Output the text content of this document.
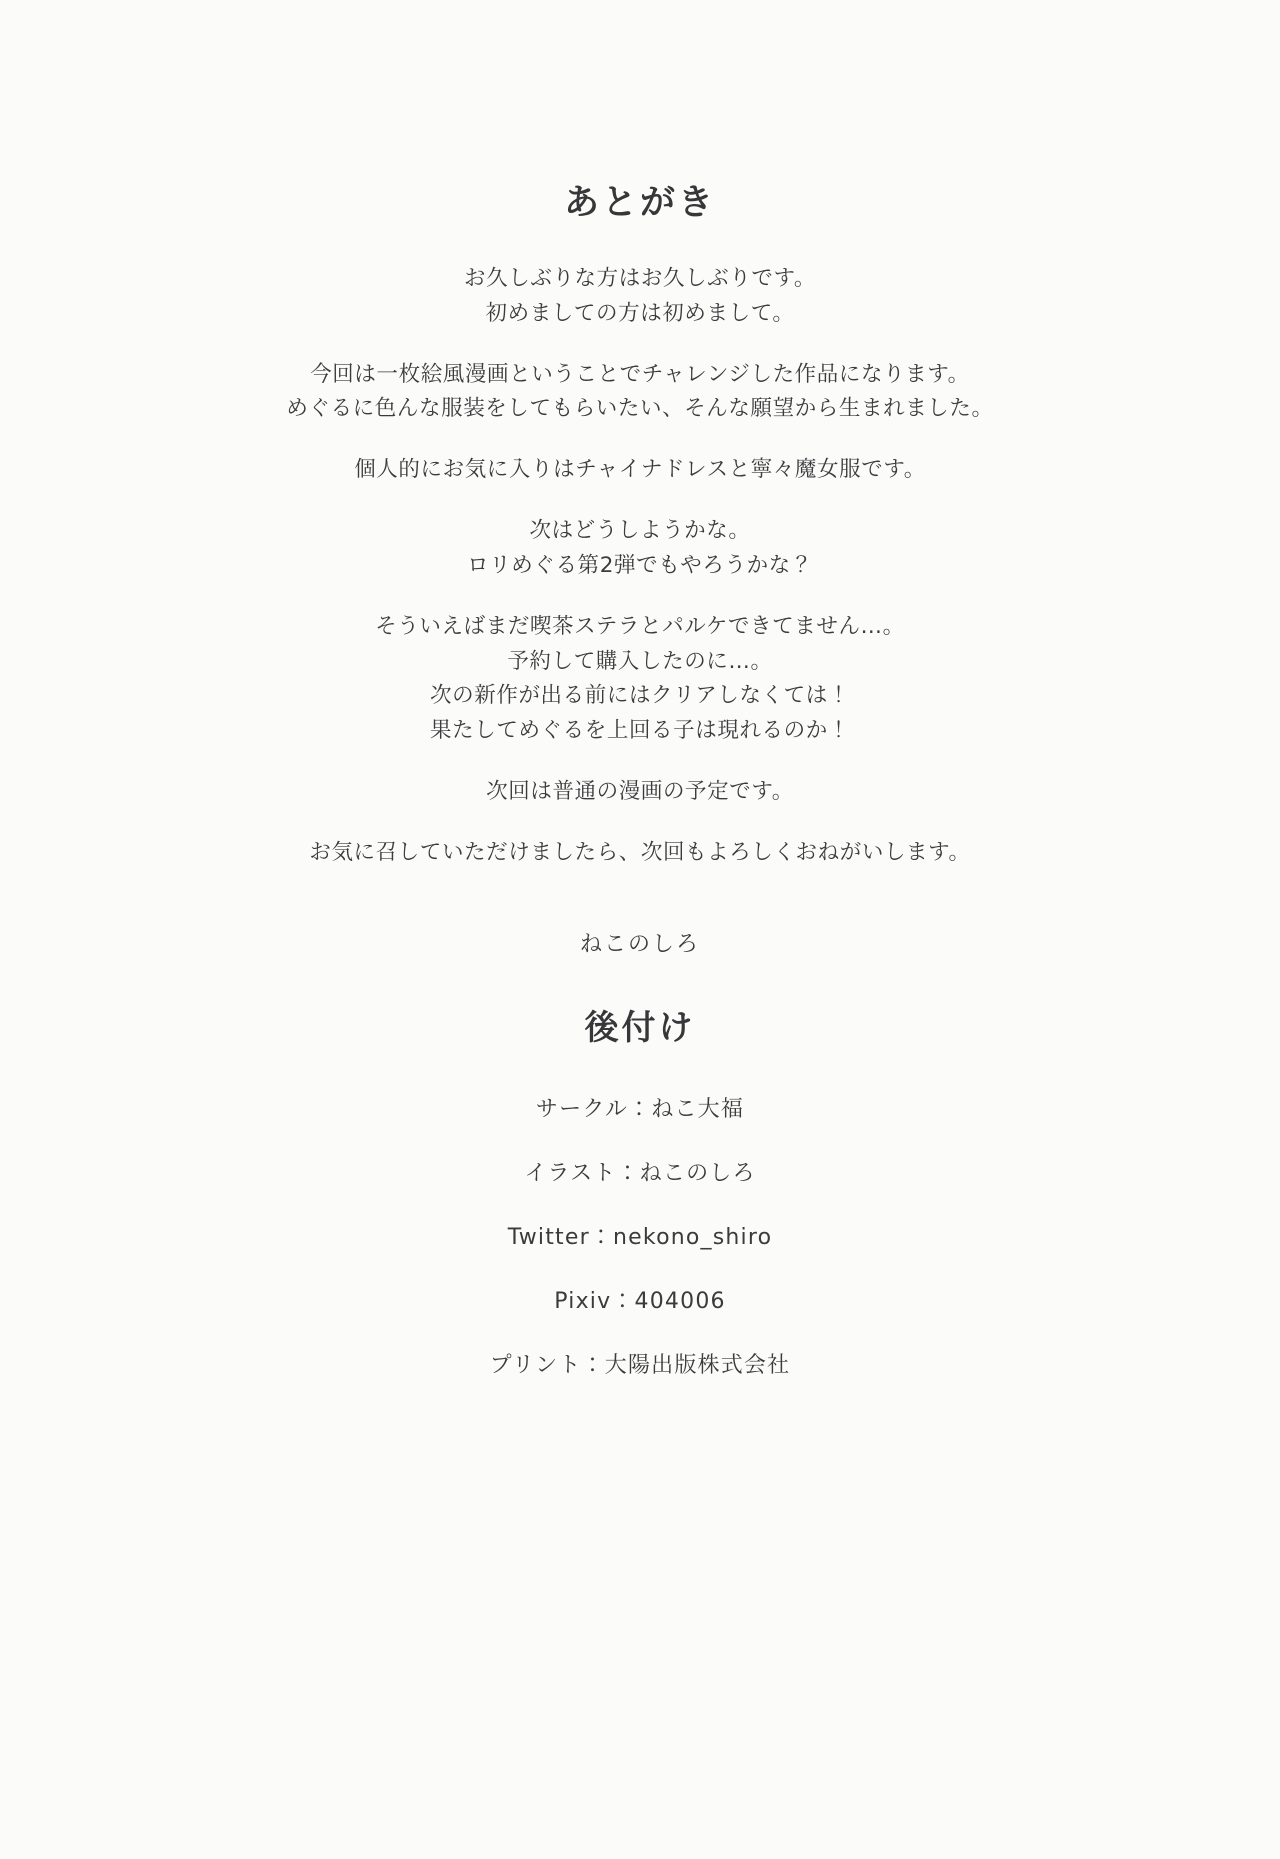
あとがき

お久しぶりな方はお久しぶりです。
初めましての方は初めまして。

今回は一枚絵風漫画ということでチャレンジした作品になります。
めぐるに色んな服装をしてもらいたい、そんな願望から生まれました。

個人的にお気に入りはチャイナドレスと寧々魔女服です。

次はどうしようかな。
ロリめぐる第2弾でもやろうかな？

そういえばまだ喫茶ステラとパルケできてません…。
予約して購入したのに…。
次の新作が出る前にはクリアしなくては！
果たしてめぐるを上回る子は現れるのか！

次回は普通の漫画の予定です。

お気に召していただけましたら、次回もよろしくおねがいします。

ねこのしろ
後付け
サークル：ねこ大福
イラスト：ねこのしろ
Twitter：nekono_shiro
Pixiv：404006
プリント：大陽出版株式会社
